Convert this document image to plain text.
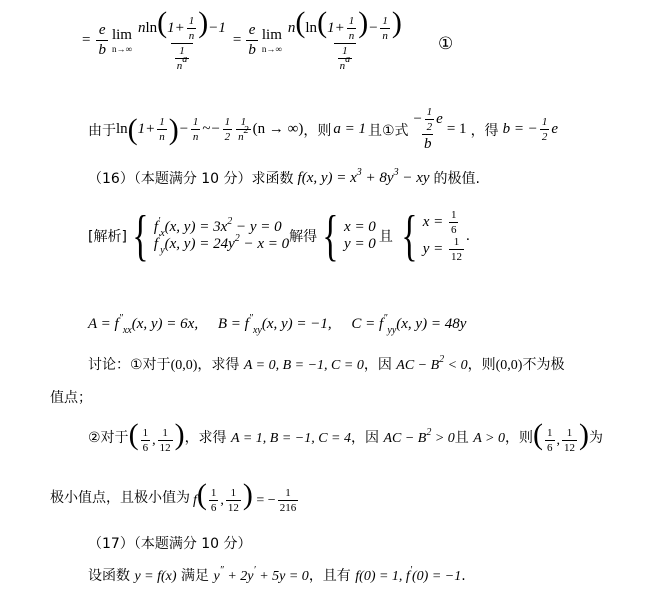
= $\frac{e}{b}$ lim
$n\to\infty \frac{nln(1+ \frac{1}{n} )-1}{\frac{1}{na}} = \frac{e}{b}$ lim
$n\to\infty \frac{n(\ln(1+ \frac{1}{n} )- \frac{1}{n} )}{\frac{1}{na}}$ ①
由于 ln ( $1+ \frac{1}{n}$ ) − $\frac{1}{n}$ ~ − $\frac{1}{2} \frac{1}{n2} (n$ → ∞) ，则 a = 1 且①式 $\frac{- \frac{1}{2} e}{b} = 1$ ，得 b = − $\frac{1}{2}$ e
（16）（本题满分 10 分）求函数 f(x, $y) = x^3 + 8y^3$ − xy 的极值.
[解析] { $f'_x(x$, $y) = 3x^2 - y = 0$
$f'_y(x$, $y) = 24y^2 - x = 0$ 解得 { x = 0
y = 0 且 { $x = \frac{1}{6}$
$y = \frac{1}{12}$
.
$A = f''_{xx}(x$, y) = 6x, $B = f''_{xy}(x$, y) = −1, $C = f''_{yy}(x$, y) = 48y
讨论：①对于(0,0)，求得 A = 0, B = −1, C = 0，因 AC − $B^2 < 0$，则(0,0)不为极
值点；
②对于 ( $\frac{1}{6}$ , $\frac{1}{12}$ ) ，求得 A = 1, B = −1, C = 4，因 AC − $B^2 > 0$且 A > 0，则 ( $\frac{1}{6}$ , $\frac{1}{12}$ ) 为
极小值点，且极小值为 $f( \frac{1}{6}$ , $\frac{1}{12}$ ) = − $\frac{1}{216}$
（17）（本题满分 10 分）
设函数 y = f(x) 满足 y″ + 2y′ + 5y = 0，且有 f(0) = 1, f′(0) = −1.
